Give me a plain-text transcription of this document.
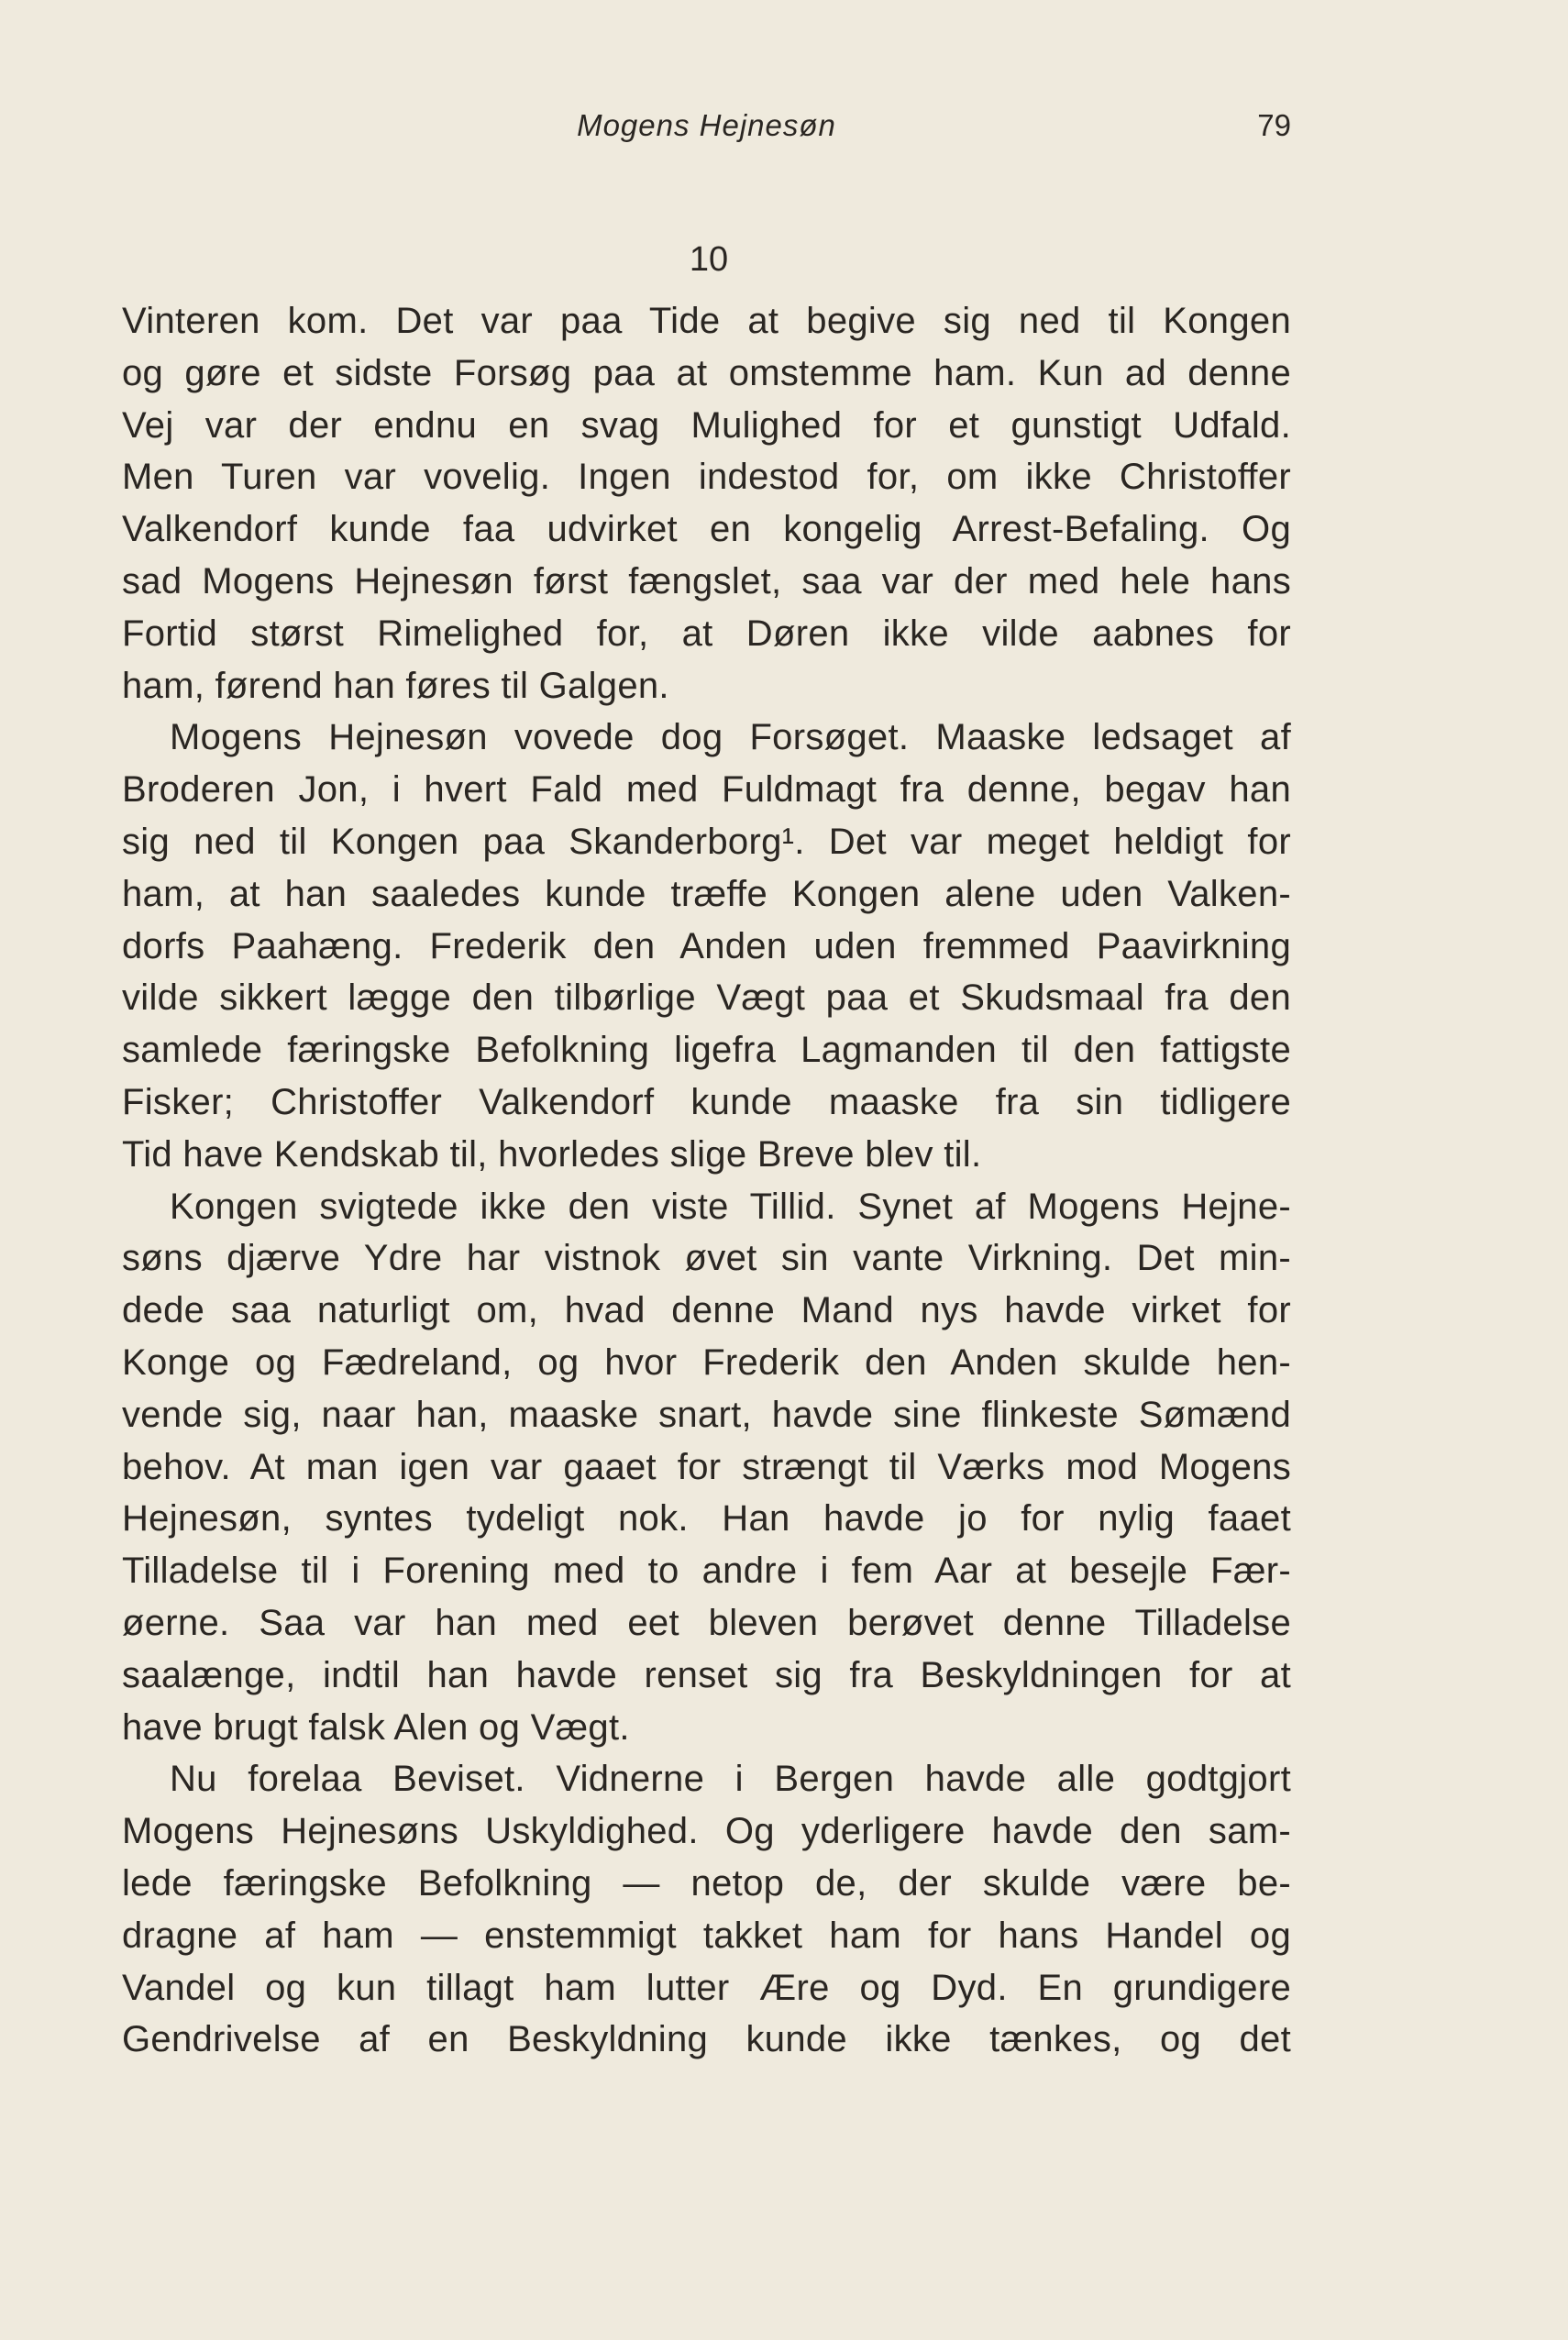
Mogens Hejnesøn	79
10
Vinteren kom. Det var paa Tide at begive sig ned til Kongen
og gøre et sidste Forsøg paa at omstemme ham. Kun ad denne
Vej var der endnu en svag Mulighed for et gunstigt Udfald.
Men Turen var vovelig. Ingen indestod for, om ikke Christoffer
Valkendorf kunde faa udvirket en kongelig Arrest-Befaling. Og
sad Mogens Hejnesøn først fængslet, saa var der med hele hans
Fortid størst Rimelighed for, at Døren ikke vilde aabnes for
ham, førend han føres til Galgen.
Mogens Hejnesøn vovede dog Forsøget. Maaske ledsaget af
Broderen Jon, i hvert Fald med Fuldmagt fra denne, begav han
sig ned til Kongen paa Skanderborg¹. Det var meget heldigt for
ham, at han saaledes kunde træffe Kongen alene uden Valken-
dorfs Paahæng. Frederik den Anden uden fremmed Paavirkning
vilde sikkert lægge den tilbørlige Vægt paa et Skudsmaal fra den
samlede færingske Befolkning ligefra Lagmanden til den fattigste
Fisker; Christoffer Valkendorf kunde maaske fra sin tidligere
Tid have Kendskab til, hvorledes slige Breve blev til.
Kongen svigtede ikke den viste Tillid. Synet af Mogens Hejne-
søns djærve Ydre har vistnok øvet sin vante Virkning. Det min-
dede saa naturligt om, hvad denne Mand nys havde virket for
Konge og Fædreland, og hvor Frederik den Anden skulde hen-
vende sig, naar han, maaske snart, havde sine flinkeste Sømænd
behov. At man igen var gaaet for strængt til Værks mod Mogens
Hejnesøn, syntes tydeligt nok. Han havde jo for nylig faaet
Tilladelse til i Forening med to andre i fem Aar at besejle Fær-
øerne. Saa var han med eet bleven berøvet denne Tilladelse
saalænge, indtil han havde renset sig fra Beskyldningen for at
have brugt falsk Alen og Vægt.
Nu forelaa Beviset. Vidnerne i Bergen havde alle godtgjort
Mogens Hejnesøns Uskyldighed. Og yderligere havde den sam-
lede færingske Befolkning — netop de, der skulde være be-
dragne af ham — enstemmigt takket ham for hans Handel og
Vandel og kun tillagt ham lutter Ære og Dyd. En grundigere
Gendrivelse af en Beskyldning kunde ikke tænkes, og det
